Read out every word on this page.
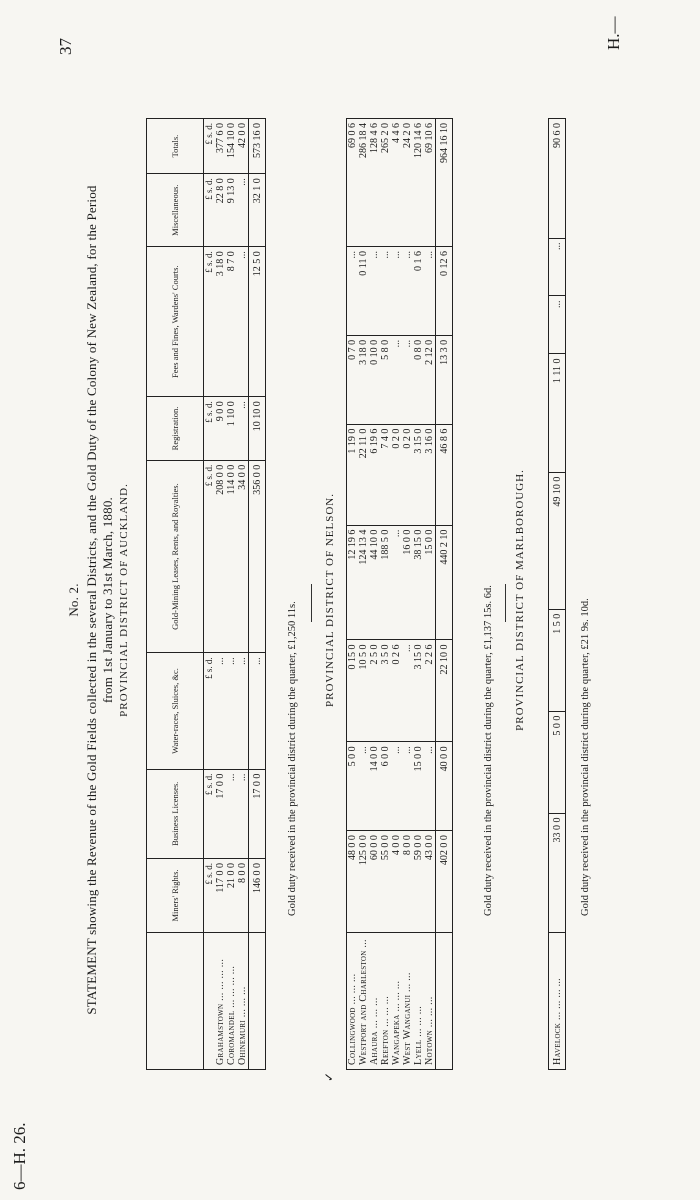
37	H.—
6—H. 26.
No. 2. STATEMENT showing the Revenue of the Gold Fields collected in the several Districts, and the Gold Duty of the Colony of New Zealand, for the Period from 1st January to 31st March, 1880. PROVINCIAL DISTRICT OF AUCKLAND.
	Miners' Rights.	Business Licenses.	Water-races, Sluices, &c.	Gold-Mining Leases, Rents, and Royalties.	Registration.	Fees and Fines, Wardens' Courts.	Miscellaneous.	Totals.
	£ s. d.	£ s. d.	£ s. d.	£ s. d.	£ s. d.	£ s. d.	£ s. d.	£ s. d.
Grahamstown ... ... ... ...	117 0 0	17 0 0	...	208 0 0	9 0 0	3 18 0	22 8 0	377 6 0
Coromandel ... ... ... ...	21 0 0	...	...	114 0 0	1 10 0	8 7 0	9 13 0	154 10 0
Ohinemuri ... ... ...	8 0 0	...	...	34 0 0	...	...	...	42 0 0
	146 0 0	17 0 0	...	356 0 0	10 10 0	12 5 0	32 1 0	573 16 0
Gold duty received in the provincial district during the quarter, £1,250 11s.
✓
PROVINCIAL DISTRICT OF NELSON.
Collingwood ... ... ...	48 0 0	5 0 0	0 15 0	12 19 6	1 19 0	0 7 0	...	69 0 6
Westport and Charleston ...	125 0 0	...	10 5 0	124 13 4	22 11 0	3 18 0	0 11 0	286 18 4
Ahaura ... ... ...	60 0 0	14 0 0	2 5 0	44 10 0	6 19 6	0 10 0	...	128 4 6
Reefton ... ... ...	55 0 0	6 0 0	3 5 0	188 5 0	7 4 0	5 8 0	...	265 2 0
Wangapeka ... ... ...	4 0 0	...	0 2 6	...	0 2 0	...	...	4 4 6
West Wanganui ... ...	8 0 0	...	...	16 0 0	0 2 0	...	...	24 2 0
Lyell ... ... ...	59 0 0	15 0 0	3 15 0	38 15 0	3 15 0	0 8 0	0 1 6	120 14 6
Notown ... ... ...	43 0 0	...	2 2 6	15 0 0	3 16 0	2 12 0	...	69 10 6
	402 0 0	40 0 0	22 10 0	440 2 10	46 8 6	13 3 0	0 12 6	964 16 10
Gold duty received in the provincial district during the quarter, £1,137 15s. 6d. PROVINCIAL DISTRICT OF MARLBOROUGH.
Havelock ... ... ... ...	33 0 0	5 0 0	1 5 0	49 10 0	1 11 0	...	...	90 6 0
Gold duty received in the provincial district during the quarter, £21 9s. 10d.
